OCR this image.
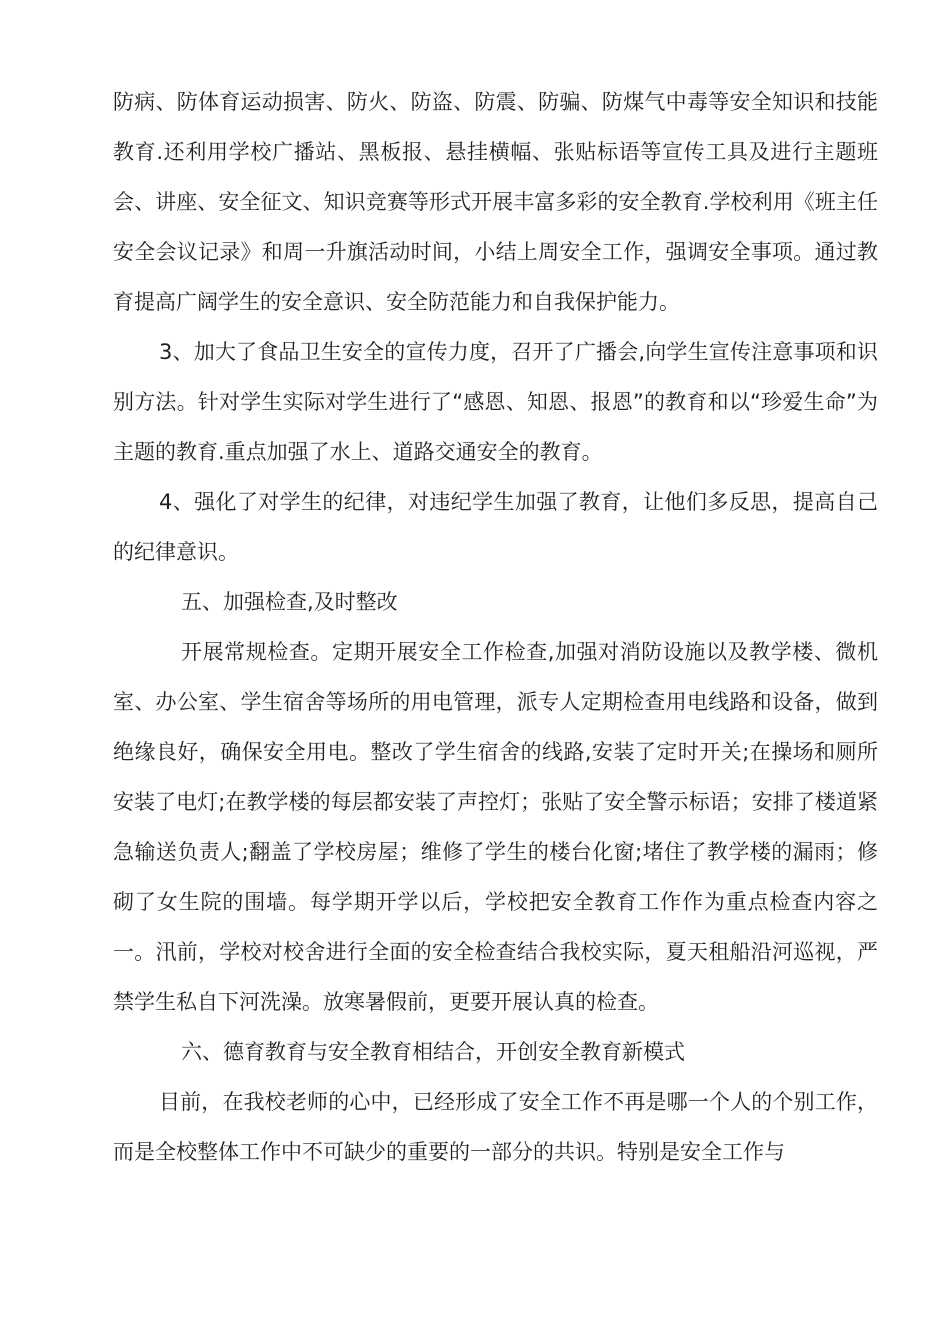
防病、防体育运动损害、防火、防盗、防震、防骗、防煤气中毒等安全知识和技能教育.还利用学校广播站、黑板报、悬挂横幅、张贴标语等宣传工具及进行主题班会、讲座、安全征文、知识竞赛等形式开展丰富多彩的安全教育.学校利用《班主任安全会议记录》和周一升旗活动时间，小结上周安全工作，强调安全事项。通过教育提高广阔学生的安全意识、安全防范能力和自我保护能力。

3、加大了食品卫生安全的宣传力度，召开了广播会,向学生宣传注意事项和识别方法。针对学生实际对学生进行了“感恩、知恩、报恩”的教育和以“珍爱生命”为主题的教育.重点加强了水上、道路交通安全的教育。

4、强化了对学生的纪律，对违纪学生加强了教育，让他们多反思，提高自己的纪律意识。

五、加强检查,及时整改

开展常规检查。定期开展安全工作检查,加强对消防设施以及教学楼、微机室、办公室、学生宿舍等场所的用电管理，派专人定期检查用电线路和设备，做到绝缘良好，确保安全用电。整改了学生宿舍的线路,安装了定时开关;在操场和厕所安装了电灯;在教学楼的每层都安装了声控灯；张贴了安全警示标语；安排了楼道紧急输送负责人;翻盖了学校房屋；维修了学生的楼台化窗;堵住了教学楼的漏雨；修砌了女生院的围墙。每学期开学以后，学校把安全教育工作作为重点检查内容之一。汛前，学校对校舍进行全面的安全检查结合我校实际，夏天租船沿河巡视，严禁学生私自下河洗澡。放寒暑假前，更要开展认真的检查。

六、德育教育与安全教育相结合，开创安全教育新模式

目前，在我校老师的心中，已经形成了安全工作不再是哪一个人的个别工作，而是全校整体工作中不可缺少的重要的一部分的共识。特别是安全工作与
